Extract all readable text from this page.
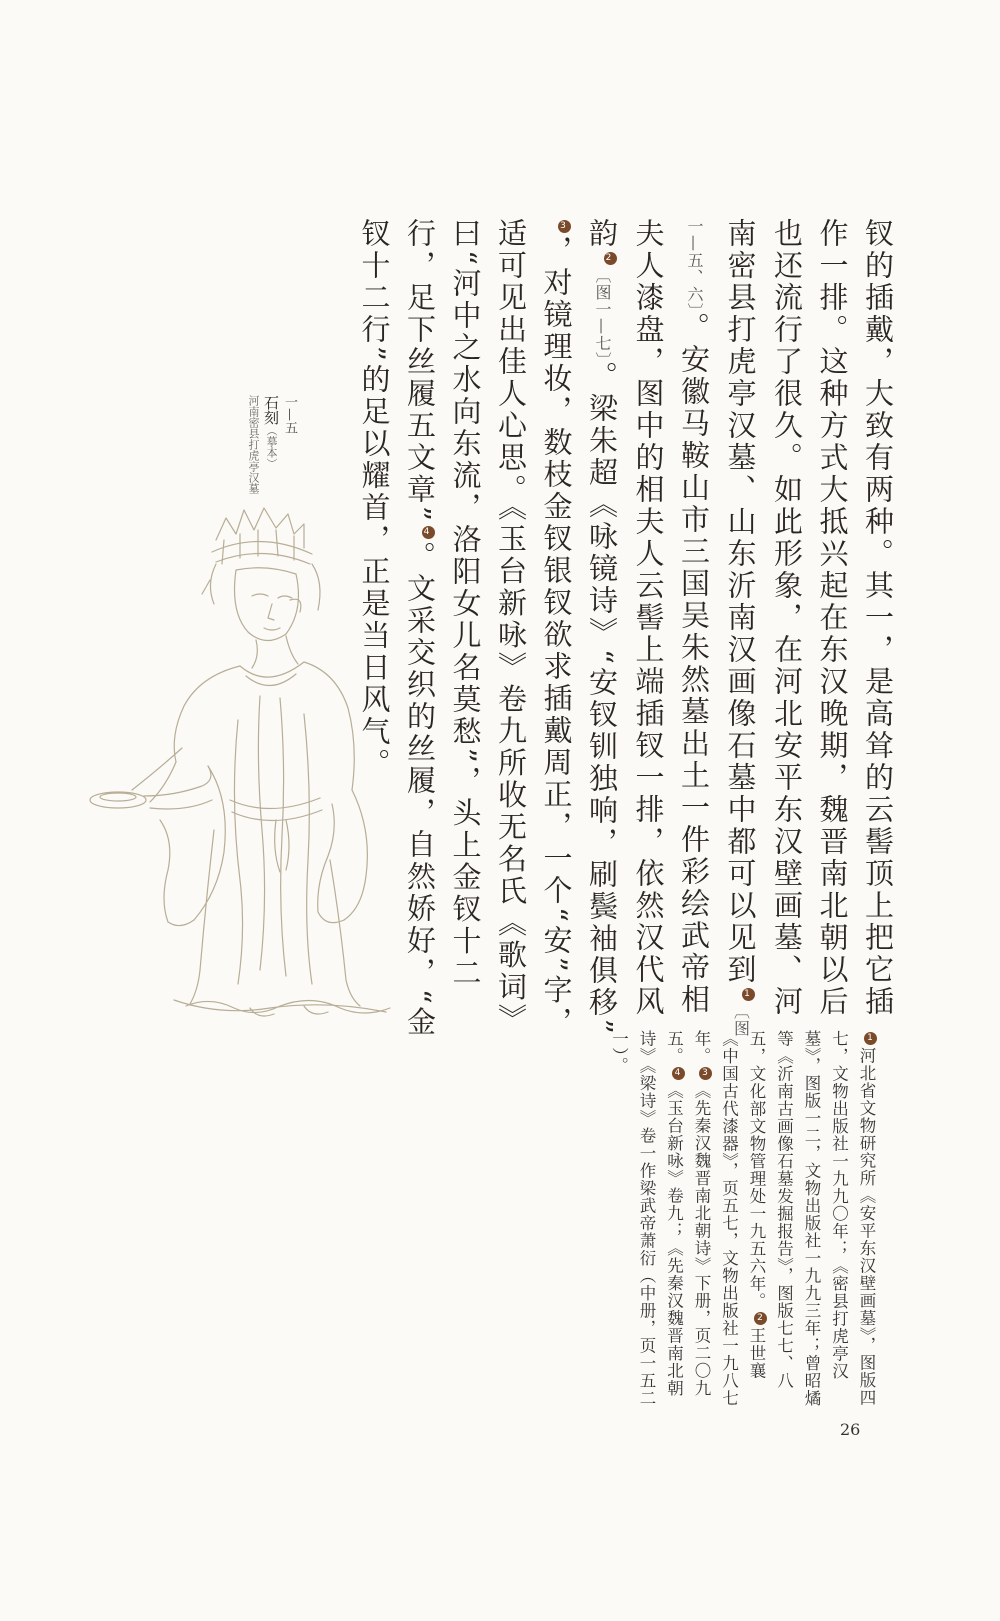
钗的插戴，大致有两种。其一，是高耸的云髻顶上把它插作一排。这种方式大抵兴起在东汉晚期，魏晋南北朝以后也还流行了很久。如此形象，在河北安平东汉壁画墓、河南密县打虎亭汉墓、山东沂南汉画像石墓中都可以见到1〔图一—五、六〕。安徽马鞍山市三国吴朱然墓出土一件彩绘武帝相夫人漆盘，图中的相夫人云髻上端插钗一排，依然汉代风韵2〔图一—七〕。梁朱超《咏镜诗》“安钗钏独响，刷鬓袖俱移”3，对镜理妆，数枝金钗银钗欲求插戴周正，一个“安”字，适可见出佳人心思。《玉台新咏》卷九所收无名氏《歌词》曰“河中之水向东流，洛阳女儿名莫愁”，头上金钗十二行，足下丝履五文章”4。文采交织的丝履，自然娇好，“金钗十二行”的足以耀首，正是当日风气。

一—五
石刻（摹本）
河南密县打虎亭汉墓

1河北省文物研究所《安平东汉壁画墓》，图版四七，文物出版社一九九〇年；《密县打虎亭汉墓》，图版一二，文物出版社一九九三年；曾昭燏等《沂南古画像石墓发掘报告》，图版七七、八五，文化部文物管理处一九五六年。2王世襄《中国古代漆器》，页五七，文物出版社一九八七年。3《先秦汉魏晋南北朝诗》下册，页二〇九五。4《玉台新咏》卷九；《先秦汉魏晋南北朝诗》《梁诗》卷一作梁武帝萧衍（中册，页一五二一）。

26
